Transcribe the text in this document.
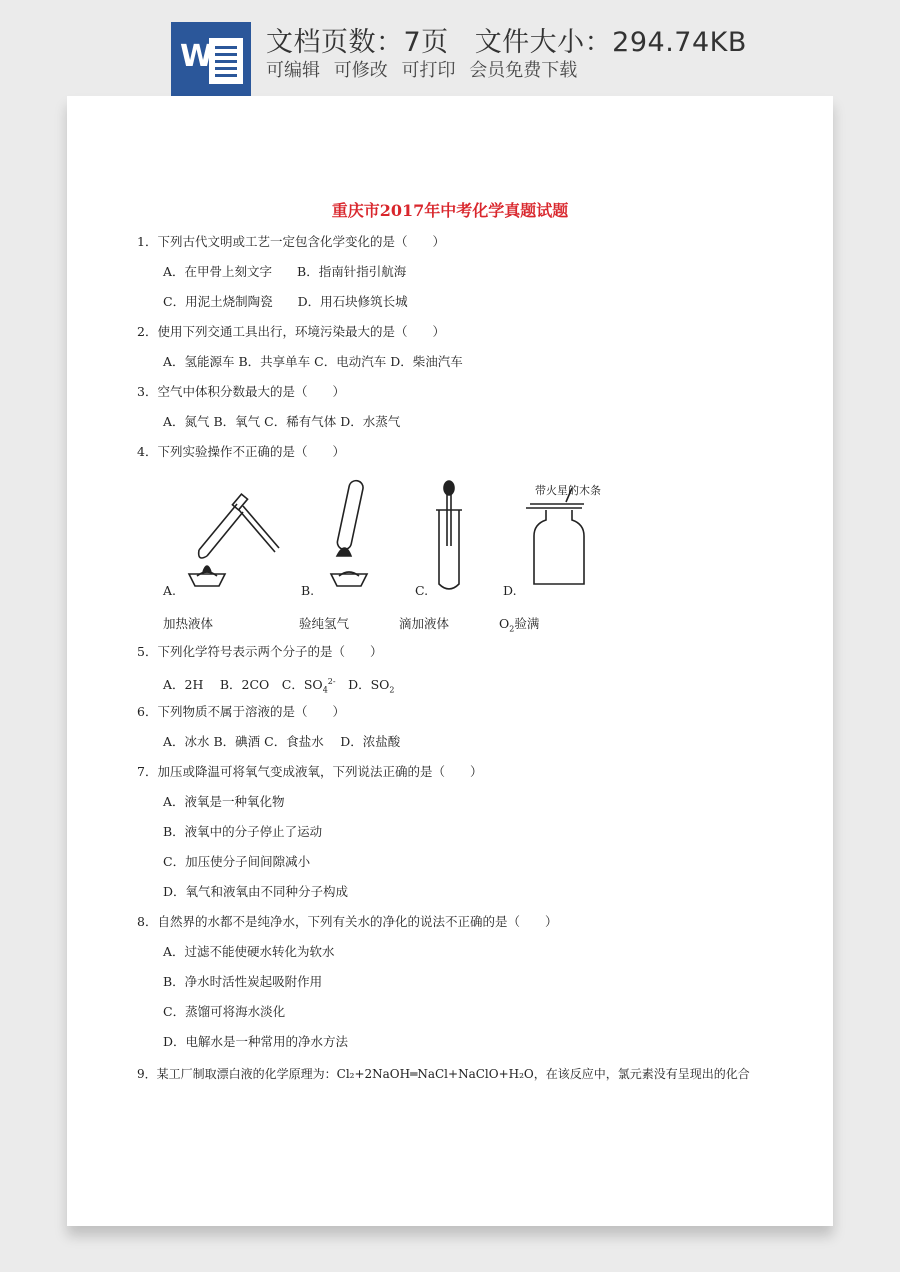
W 文档页数：7页 文件大小：294.74KB
可编辑 可修改 可打印 会员免费下载
重庆市2017年中考化学真题试题
1．下列古代文明或工艺一定包含化学变化的是（　　）
A．在甲骨上刻文字　　B．指南针指引航海
C．用泥土烧制陶瓷　　D．用石块修筑长城
2．使用下列交通工具出行，环境污染最大的是（　　）
A．氢能源车 B．共享单车 C．电动汽车 D．柴油汽车
3．空气中体积分数最大的是（　　）
A．氮气 B．氧气 C．稀有气体 D．水蒸气
4．下列实验操作不正确的是（　　）
A.
加热液体
B.
验纯氢气
C.
滴加液体
带火星的木条
D.
$O_2$验满
5．下列化学符号表示两个分子的是（　　）
A．2H　 B．2CO　C．$SO_4^{2-}$　D．$SO_2$
6．下列物质不属于溶液的是（　　）
A．冰水 B．碘酒 C．食盐水　 D．浓盐酸
7．加压或降温可将氧气变成液氧，下列说法正确的是（　　）
A．液氧是一种氧化物
B．液氧中的分子停止了运动
C．加压使分子间间隙减小
D．氧气和液氧由不同种分子构成
8．自然界的水都不是纯净水，下列有关水的净化的说法不正确的是（　　）
A．过滤不能使硬水转化为软水
B．净水时活性炭起吸附作用
C．蒸馏可将海水淡化
D．电解水是一种常用的净水方法
9．某工厂制取漂白液的化学原理为：Cl₂+2NaOH═NaCl+NaClO+H₂O，在该反应中，氯元素没有呈现出的化合
